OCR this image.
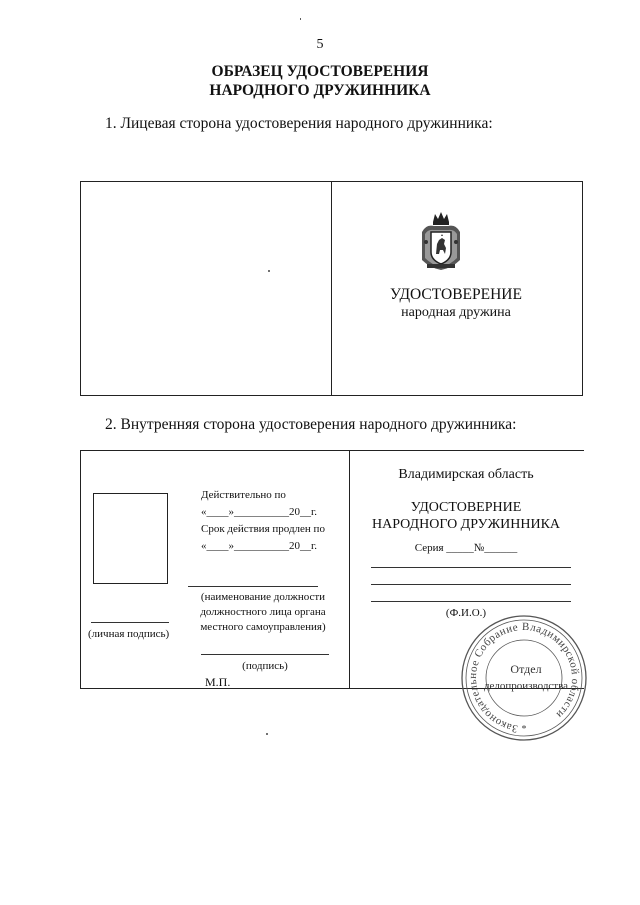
5
ОБРАЗЕЦ УДОСТОВЕРЕНИЯ
НАРОДНОГО ДРУЖИННИКА
1. Лицевая сторона удостоверения народного дружинника:
УДОСТОВЕРЕНИЕ
народная дружина
2. Внутренняя сторона удостоверения народного дружинника:
Действительно по
«____»__________20__г.
Срок действия продлен по
«____»__________20__г.
(наименование должности
должностного лица органа
местного самоуправления)
(личная подпись)
(подпись)
М.П.
Владимирская область
УДОСТОВЕРНИЕ
НАРОДНОГО ДРУЖИННИКА
Серия _____№______
(Ф.И.О.)
Законодательное Собрание Владимирской области
*
Отдел
делопроизводства
